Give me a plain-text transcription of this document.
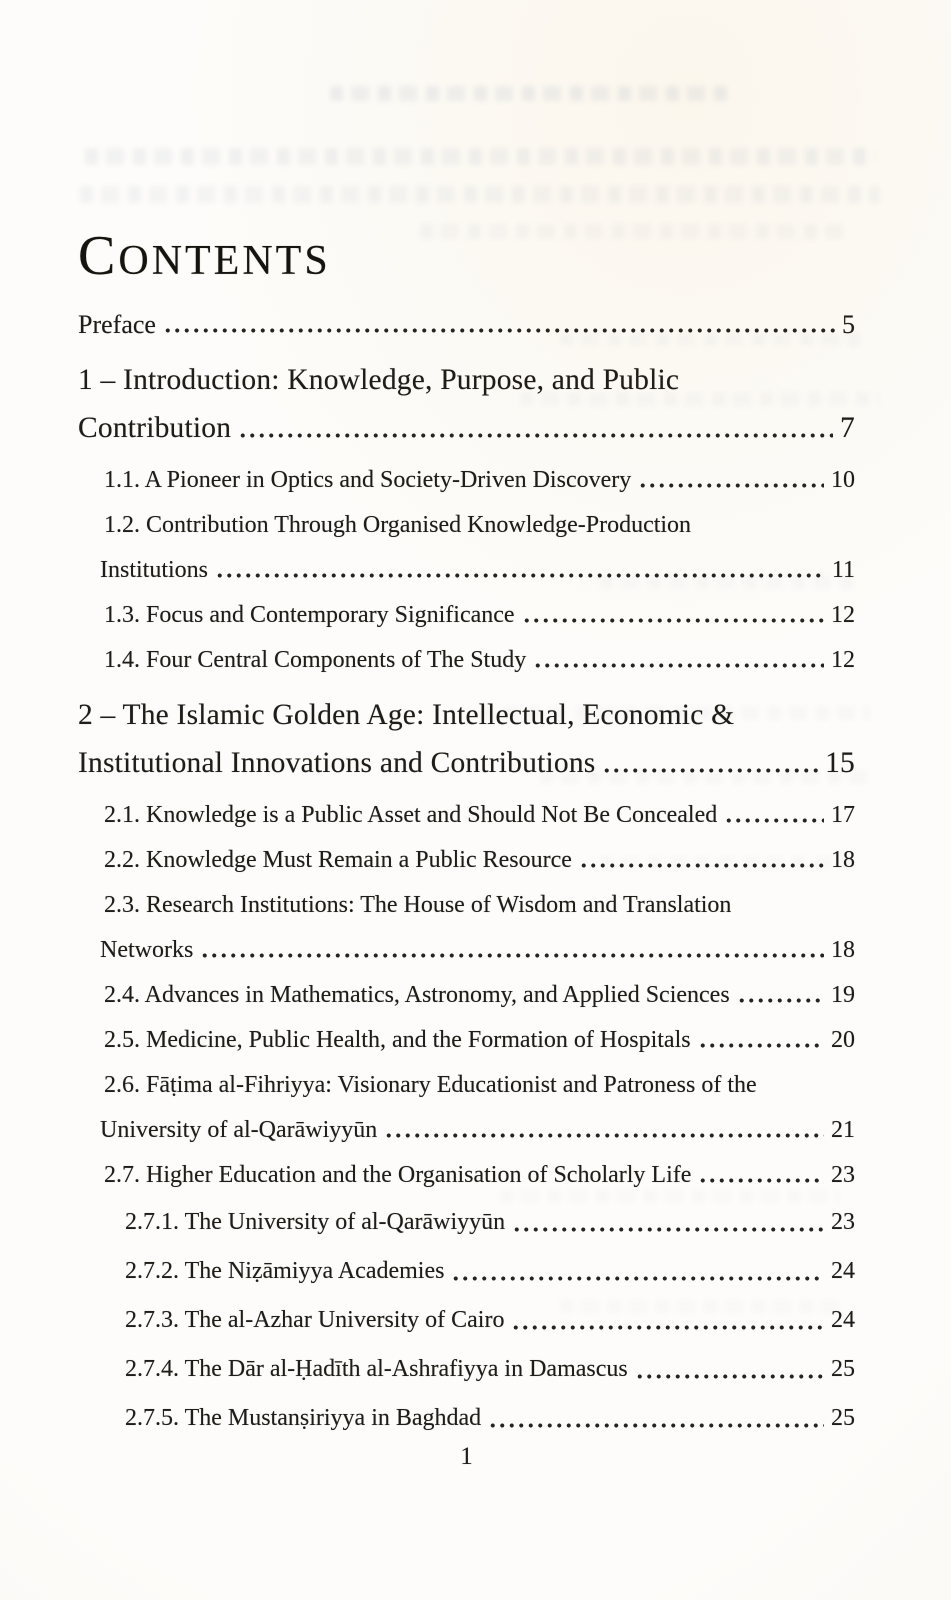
CONTENTS
Preface	5
1 – Introduction: Knowledge, Purpose, and Public
Contribution	7
1.1. A Pioneer in Optics and Society-Driven Discovery	10
1.2. Contribution Through Organised Knowledge-Production
Institutions	11
1.3. Focus and Contemporary Significance	12
1.4. Four Central Components of The Study	12
2 – The Islamic Golden Age: Intellectual, Economic &
Institutional Innovations and Contributions	15
2.1. Knowledge is a Public Asset and Should Not Be Concealed	17
2.2. Knowledge Must Remain a Public Resource	18
2.3. Research Institutions: The House of Wisdom and Translation
Networks	18
2.4. Advances in Mathematics, Astronomy, and Applied Sciences	19
2.5. Medicine, Public Health, and the Formation of Hospitals	20
2.6. Fāṭima al-Fihriyya: Visionary Educationist and Patroness of the
University of al-Qarāwiyyūn	21
2.7. Higher Education and the Organisation of Scholarly Life	23
2.7.1. The University of al-Qarāwiyyūn	23
2.7.2. The Niẓāmiyya Academies	24
2.7.3. The al-Azhar University of Cairo	24
2.7.4. The Dār al-Ḥadīth al-Ashrafiyya in Damascus	25
2.7.5. The Mustanṣiriyya in Baghdad	25
1
